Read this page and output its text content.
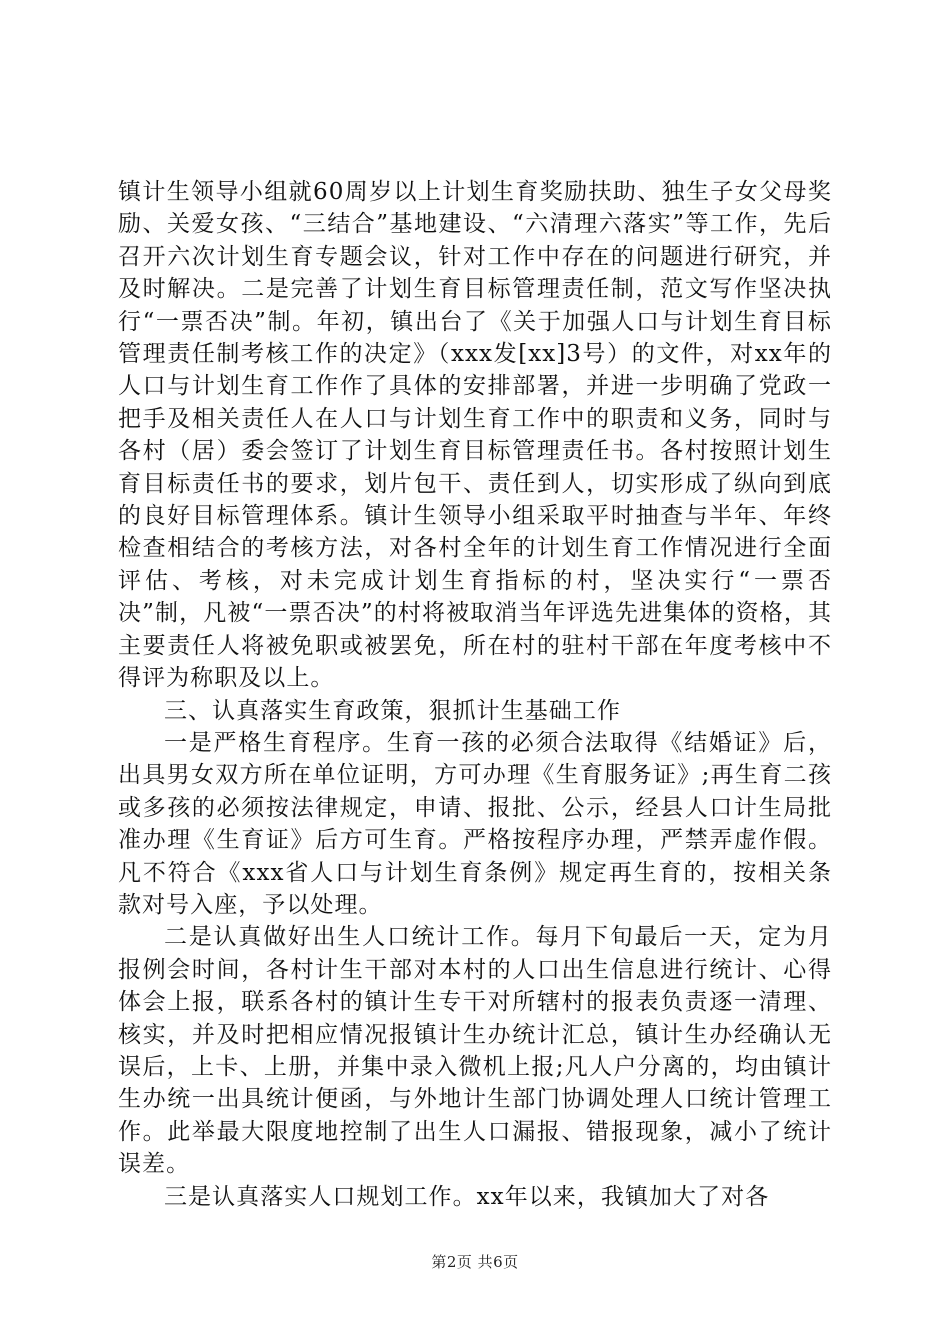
镇计生领导小组就60周岁以上计划生育奖励扶助、独生子女父母奖励、关爱女孩、“三结合”基地建设、“六清理六落实”等工作，先后召开六次计划生育专题会议，针对工作中存在的问题进行研究，并及时解决。二是完善了计划生育目标管理责任制，范文写作坚决执行“一票否决”制。年初，镇出台了《关于加强人口与计划生育目标管理责任制考核工作的决定》（xxx发[xx]3号）的文件，对xx年的人口与计划生育工作作了具体的安排部署，并进一步明确了党政一把手及相关责任人在人口与计划生育工作中的职责和义务，同时与各村（居）委会签订了计划生育目标管理责任书。各村按照计划生育目标责任书的要求，划片包干、责任到人，切实形成了纵向到底的良好目标管理体系。镇计生领导小组采取平时抽查与半年、年终检查相结合的考核方法，对各村全年的计划生育工作情况进行全面评估、考核，对未完成计划生育指标的村，坚决实行“一票否决”制，凡被“一票否决”的村将被取消当年评选先进集体的资格，其主要责任人将被免职或被罢免，所在村的驻村干部在年度考核中不得评为称职及以上。

三、认真落实生育政策，狠抓计生基础工作

一是严格生育程序。生育一孩的必须合法取得《结婚证》后，出具男女双方所在单位证明，方可办理《生育服务证》;再生育二孩或多孩的必须按法律规定，申请、报批、公示，经县人口计生局批准办理《生育证》后方可生育。严格按程序办理，严禁弄虚作假。凡不符合《xxx省人口与计划生育条例》规定再生育的，按相关条款对号入座，予以处理。

二是认真做好出生人口统计工作。每月下旬最后一天，定为月报例会时间，各村计生干部对本村的人口出生信息进行统计、心得体会上报，联系各村的镇计生专干对所辖村的报表负责逐一清理、核实，并及时把相应情况报镇计生办统计汇总，镇计生办经确认无误后，上卡、上册，并集中录入微机上报;凡人户分离的，均由镇计生办统一出具统计便函，与外地计生部门协调处理人口统计管理工作。此举最大限度地控制了出生人口漏报、错报现象，减小了统计误差。

三是认真落实人口规划工作。xx年以来，我镇加大了对各

第2页 共6页
